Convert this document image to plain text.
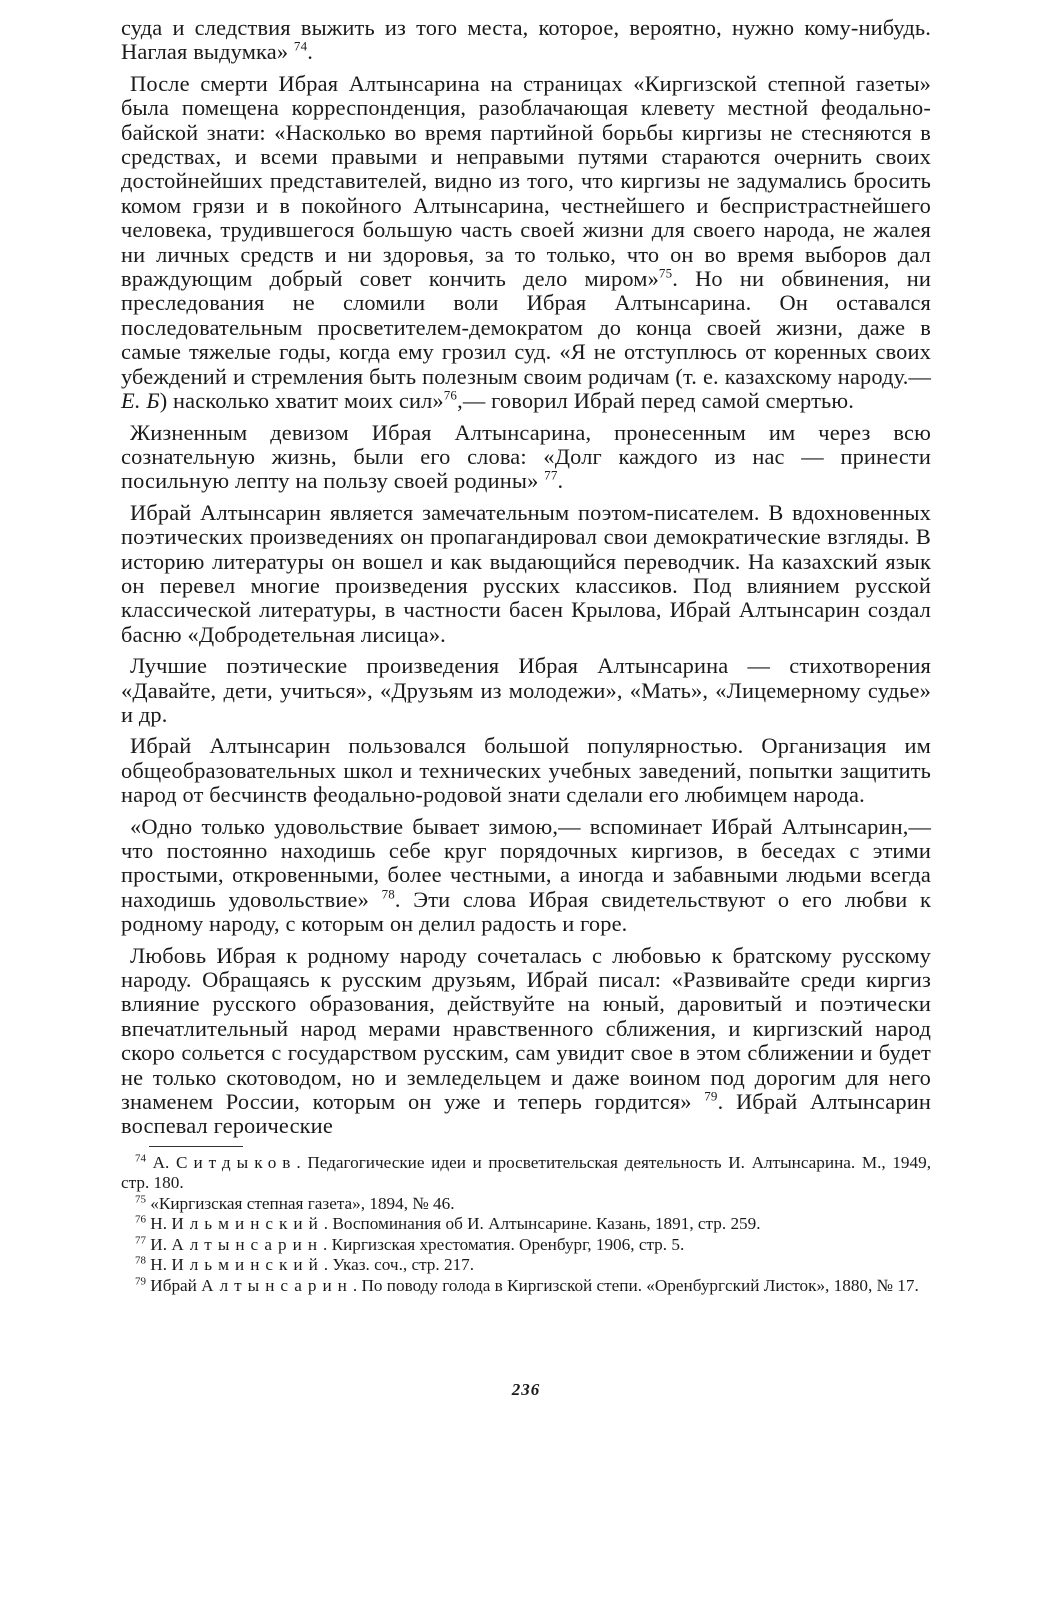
суда и следствия выжить из того места, которое, вероятно, нужно кому-нибудь. Наглая выдумка» $^{74}$.

После смерти Ибрая Алтынсарина на страницах «Киргизской степной газеты» была помещена корреспонденция, разоблачающая клевету местной феодально-байской знати: «Насколько во время партийной борьбы киргизы не стесняются в средствах, и всеми правыми и неправыми путями стараются очернить своих достойнейших представителей, видно из того, что киргизы не задумались бросить комом грязи и в покойного Алтынсарина, честнейшего и беспристрастнейшего человека, трудившегося большую часть своей жизни для своего народа, не жалея ни личных средств и ни здоровья, за то только, что он во время выборов дал враждующим добрый совет кончить дело миром»$^{75}$. Но ни обвинения, ни преследования не сломили воли Ибрая Алтынсарина. Он оставался последовательным просветителем-демократом до конца своей жизни, даже в самые тяжелые годы, когда ему грозил суд. «Я не отступлюсь от коренных своих убеждений и стремления быть полезным своим родичам (т. е. казахскому народу.—Е. Б) насколько хватит моих сил»$^{76}$,— говорил Ибрай перед самой смертью.

Жизненным девизом Ибрая Алтынсарина, пронесенным им через всю сознательную жизнь, были его слова: «Долг каждого из нас — принести посильную лепту на пользу своей родины» $^{77}$.

Ибрай Алтынсарин является замечательным поэтом-писателем. В вдохновенных поэтических произведениях он пропагандировал свои демократические взгляды. В историю литературы он вошел и как выдающийся переводчик. На казахский язык он перевел многие произведения русских классиков. Под влиянием русской классической литературы, в частности басен Крылова, Ибрай Алтынсарин создал басню «Добродетельная лисица».

Лучшие поэтические произведения Ибрая Алтынсарина — стихотворения «Давайте, дети, учиться», «Друзьям из молодежи», «Мать», «Лицемерному судье» и др.

Ибрай Алтынсарин пользовался большой популярностью. Организация им общеобразовательных школ и технических учебных заведений, попытки защитить народ от бесчинств феодально-родовой знати сделали его любимцем народа.

«Одно только удовольствие бывает зимою,— вспоминает Ибрай Алтынсарин,— что постоянно находишь себе круг порядочных киргизов, в беседах с этими простыми, откровенными, более честными, а иногда и забавными людьми всегда находишь удовольствие» $^{78}$. Эти слова Ибрая свидетельствуют о его любви к родному народу, с которым он делил радость и горе.

Любовь Ибрая к родному народу сочеталась с любовью к братскому русскому народу. Обращаясь к русским друзьям, Ибрай писал: «Развивайте среди киргиз влияние русского образования, действуйте на юный, даровитый и поэтически впечатлительный народ мерами нравственного сближения, и киргизский народ скоро сольется с государством русским, сам увидит свое в этом сближении и будет не только скотоводом, но и земледельцем и даже воином под дорогим для него знаменем России, которым он уже и теперь гордится» $^{79}$. Ибрай Алтынсарин воспевал героические

$^{74}$ А. Ситдыков. Педагогические идеи и просветительская деятельность И. Алтынсарина. М., 1949, стр. 180.

$^{75}$ «Киргизская степная газета», 1894, № 46.

$^{76}$ Н. Ильминский. Воспоминания об И. Алтынсарине. Казань, 1891, стр. 259.

$^{77}$ И. Алтынсарин. Киргизская хрестоматия. Оренбург, 1906, стр. 5.

$^{78}$ Н. Ильминский. Указ. соч., стр. 217.

$^{79}$ Ибрай Алтынсарин. По поводу голода в Киргизской степи. «Оренбургский Листок», 1880, № 17.

236
